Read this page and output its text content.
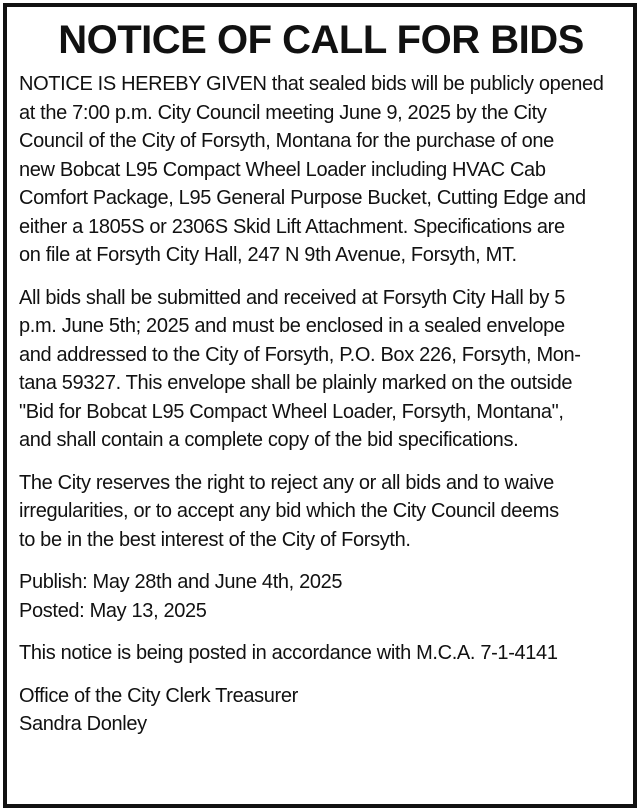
NOTICE OF CALL FOR BIDS
NOTICE IS HEREBY GIVEN that sealed bids will be publicly opened
at the 7:00 p.m. City Council meeting June 9, 2025 by the City
Council of the City of Forsyth, Montana for the purchase of one
new Bobcat L95 Compact Wheel Loader including HVAC Cab
Comfort Package, L95 General Purpose Bucket, Cutting Edge and
either a 1805S or 2306S Skid Lift Attachment. Specifications are
on file at Forsyth City Hall, 247 N 9th Avenue, Forsyth, MT.
All bids shall be submitted and received at Forsyth City Hall by 5
p.m. June 5th; 2025 and must be enclosed in a sealed envelope
and addressed to the City of Forsyth, P.O. Box 226, Forsyth, Mon-
tana 59327. This envelope shall be plainly marked on the outside
"Bid for Bobcat L95 Compact Wheel Loader, Forsyth, Montana",
and shall contain a complete copy of the bid specifications.
The City reserves the right to reject any or all bids and to waive
irregularities, or to accept any bid which the City Council deems
to be in the best interest of the City of Forsyth.
Publish: May 28th and June 4th, 2025
Posted: May 13, 2025
This notice is being posted in accordance with M.C.A. 7-1-4141
Office of the City Clerk Treasurer
Sandra Donley
